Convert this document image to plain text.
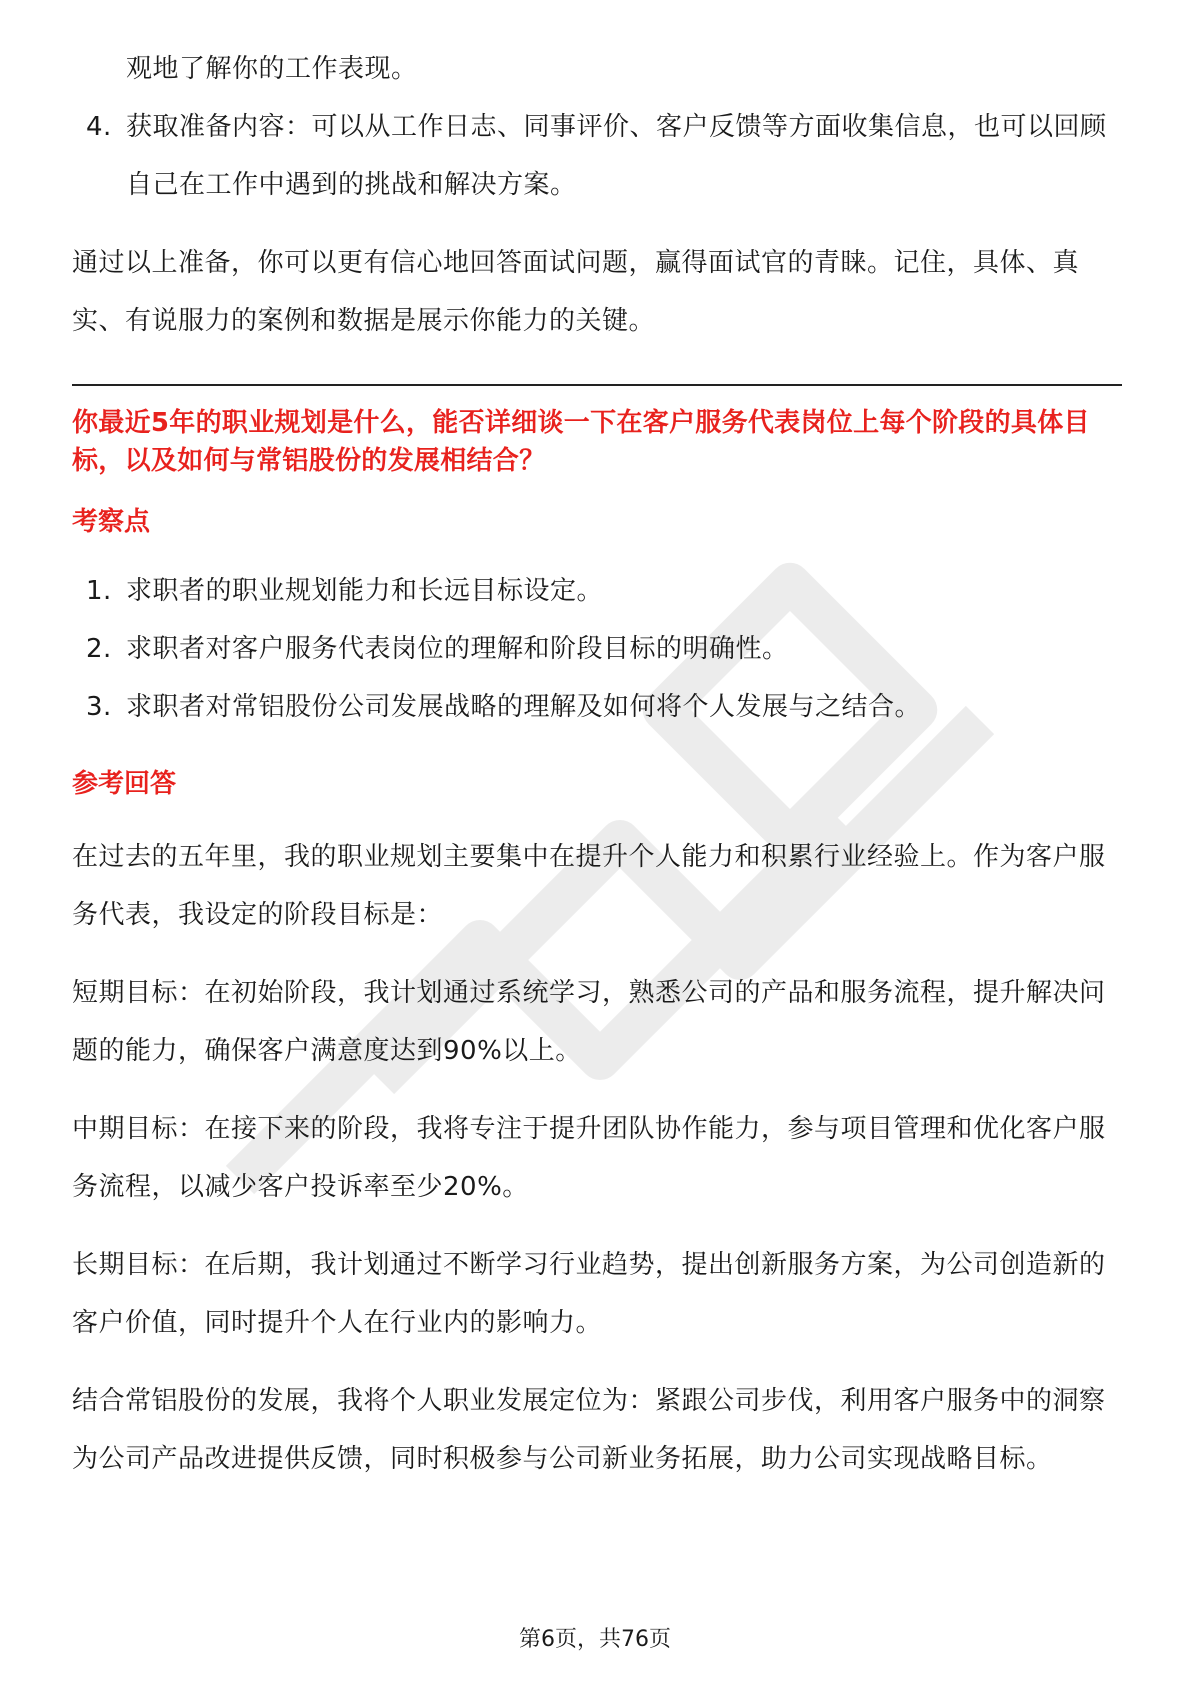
观地了解你的工作表现。

4. 获取准备内容：可以从工作日志、同事评价、客户反馈等方面收集信息，也可以回顾自己在工作中遇到的挑战和解决方案。

通过以上准备，你可以更有信心地回答面试问题，赢得面试官的青睐。记住，具体、真实、有说服力的案例和数据是展示你能力的关键。

你最近5年的职业规划是什么，能否详细谈一下在客户服务代表岗位上每个阶段的具体目标，以及如何与常铝股份的发展相结合？

考察点

1. 求职者的职业规划能力和长远目标设定。
2. 求职者对客户服务代表岗位的理解和阶段目标的明确性。
3. 求职者对常铝股份公司发展战略的理解及如何将个人发展与之结合。

参考回答

在过去的五年里，我的职业规划主要集中在提升个人能力和积累行业经验上。作为客户服务代表，我设定的阶段目标是：

短期目标：在初始阶段，我计划通过系统学习，熟悉公司的产品和服务流程，提升解决问题的能力，确保客户满意度达到90%以上。

中期目标：在接下来的阶段，我将专注于提升团队协作能力，参与项目管理和优化客户服务流程，以减少客户投诉率至少20%。

长期目标：在后期，我计划通过不断学习行业趋势，提出创新服务方案，为公司创造新的客户价值，同时提升个人在行业内的影响力。

结合常铝股份的发展，我将个人职业发展定位为：紧跟公司步伐，利用客户服务中的洞察为公司产品改进提供反馈，同时积极参与公司新业务拓展，助力公司实现战略目标。

第6页，共76页
